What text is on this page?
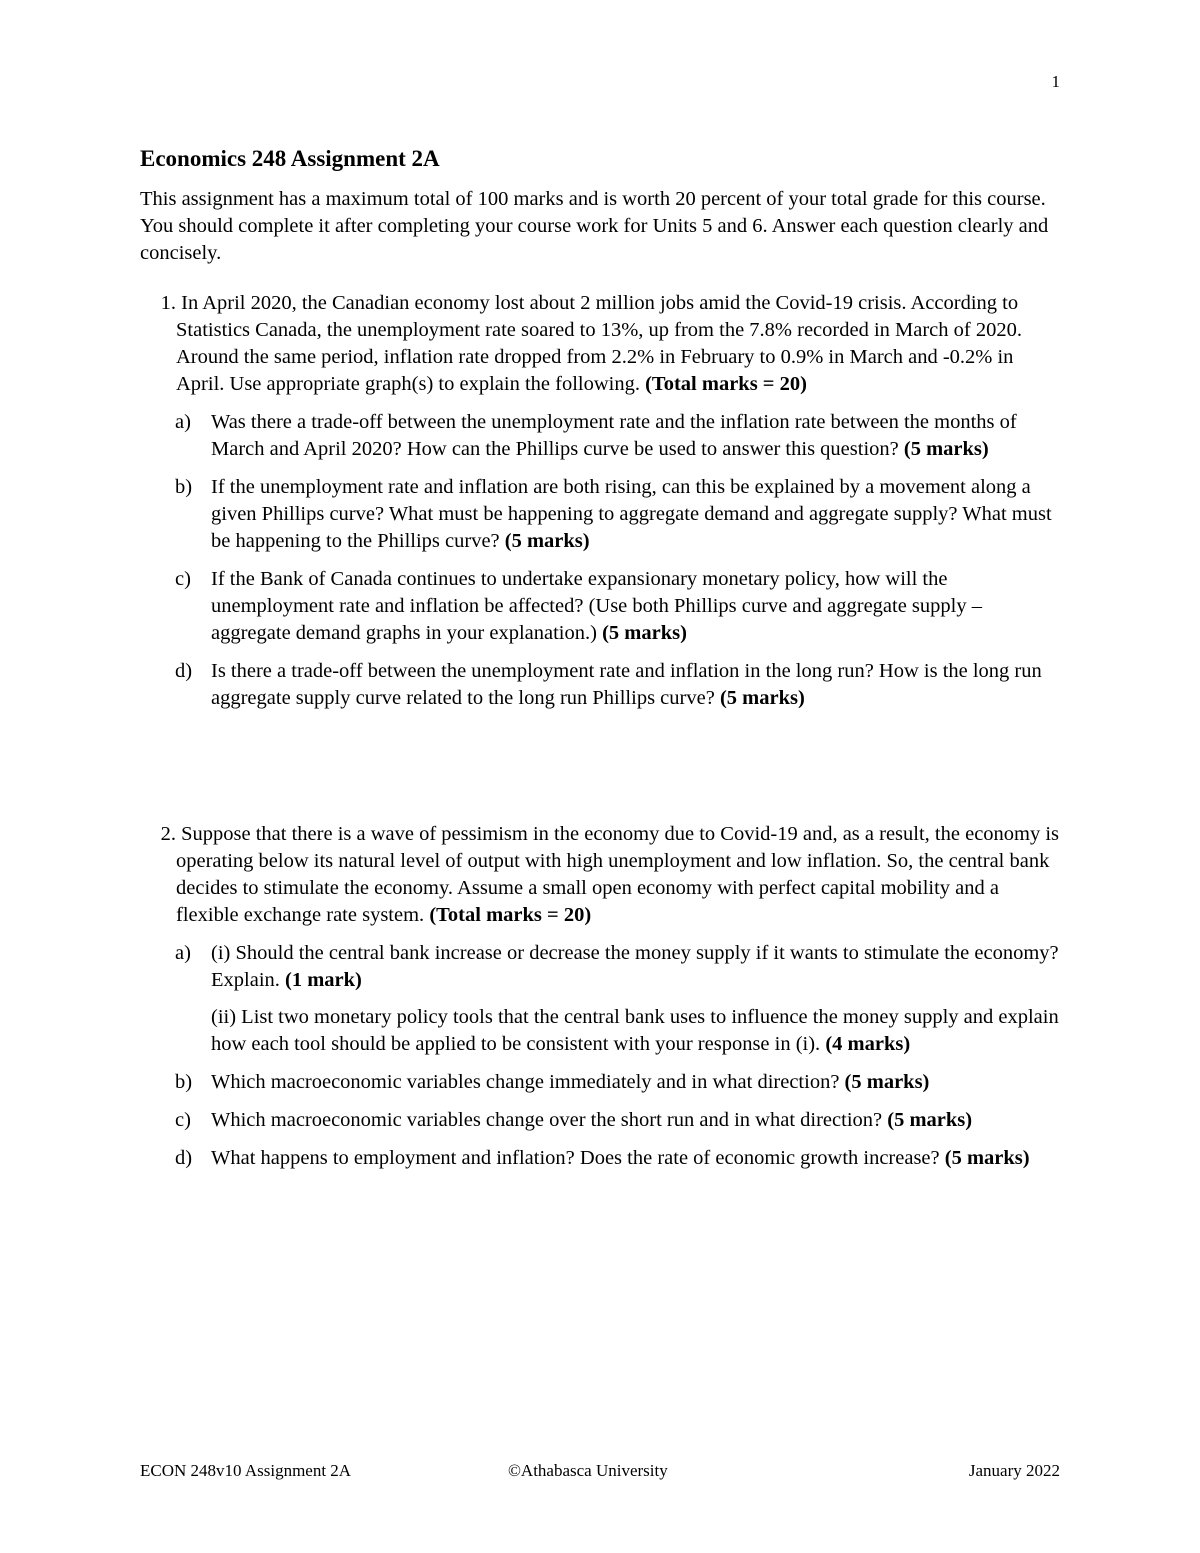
1
Economics 248 Assignment 2A

This assignment has a maximum total of 100 marks and is worth 20 percent of your total grade for this course. You should complete it after completing your course work for Units 5 and 6. Answer each question clearly and concisely.

1. In April 2020, the Canadian economy lost about 2 million jobs amid the Covid-19 crisis. According to Statistics Canada, the unemployment rate soared to 13%, up from the 7.8% recorded in March of 2020. Around the same period, inflation rate dropped from 2.2% in February to 0.9% in March and -0.2% in April. Use appropriate graph(s) to explain the following. (Total marks = 20)
a) Was there a trade-off between the unemployment rate and the inflation rate between the months of March and April 2020? How can the Phillips curve be used to answer this question? (5 marks)
b) If the unemployment rate and inflation are both rising, can this be explained by a movement along a given Phillips curve? What must be happening to aggregate demand and aggregate supply? What must be happening to the Phillips curve? (5 marks)
c) If the Bank of Canada continues to undertake expansionary monetary policy, how will the unemployment rate and inflation be affected? (Use both Phillips curve and aggregate supply – aggregate demand graphs in your explanation.) (5 marks)
d) Is there a trade-off between the unemployment rate and inflation in the long run? How is the long run aggregate supply curve related to the long run Phillips curve? (5 marks)
2. Suppose that there is a wave of pessimism in the economy due to Covid-19 and, as a result, the economy is operating below its natural level of output with high unemployment and low inflation. So, the central bank decides to stimulate the economy. Assume a small open economy with perfect capital mobility and a flexible exchange rate system. (Total marks = 20)
a) (i) Should the central bank increase or decrease the money supply if it wants to stimulate the economy? Explain. (1 mark)
(ii) List two monetary policy tools that the central bank uses to influence the money supply and explain how each tool should be applied to be consistent with your response in (i). (4 marks)
b) Which macroeconomic variables change immediately and in what direction? (5 marks)
c) Which macroeconomic variables change over the short run and in what direction? (5 marks)
d) What happens to employment and inflation? Does the rate of economic growth increase? (5 marks)
ECON 248v10 Assignment 2A	©Athabasca University	January 2022
